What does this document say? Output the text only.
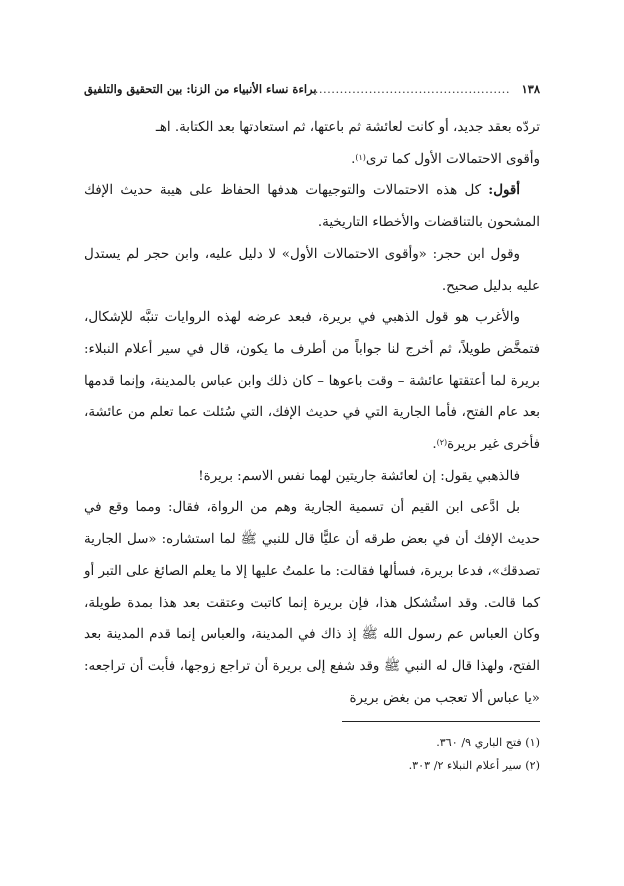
١٣٨
...............................................
براءة نساء الأنبياء من الزنا: بين التحقيق والتلفيق

تردّه بعقد جديد، أو كانت لعائشة ثم باعتها، ثم استعادتها بعد الكتابة. اهـ

وأقوى الاحتمالات الأول كما ترى$^{(١)}$.

أقول: كل هذه الاحتمالات والتوجيهات هدفها الحفاظ على هيبة حديث الإفك المشحون بالتناقضات والأخطاء التاريخية.

وقول ابن حجر: «وأقوى الاحتمالات الأول» لا دليل عليه، وابن حجر لم يستدل عليه بدليل صحيح.

والأغرب هو قول الذهبي في بريرة، فبعد عرضه لهذه الروايات تنبَّه للإشكال، فتمخَّض طويلاً، ثم أخرج لنا جواباً من أطرف ما يكون، قال في سير أعلام النبلاء: بريرة لما أعتقتها عائشة – وقت باعوها – كان ذلك وابن عباس بالمدينة، وإنما قدمها بعد عام الفتح، فأما الجارية التي في حديث الإفك، التي سُئلت عما تعلم من عائشة، فأخرى غير بريرة$^{(٢)}$.

فالذهبي يقول: إن لعائشة جاريتين لهما نفس الاسم: بريرة!

بل ادَّعى ابن القيم أن تسمية الجارية وهم من الرواة، فقال: ومما وقع في حديث الإفك أن في بعض طرقه أن عليًّا قال للنبي ﷺ لما استشاره: «سل الجارية تصدقك»، فدعا بريرة، فسألها فقالت: ما علمتُ عليها إلا ما يعلم الصائغ على التبر أو كما قالت. وقد استُشكل هذا، فإن بريرة إنما كاتبت وعتقت بعد هذا بمدة طويلة، وكان العباس عم رسول الله ﷺ إذ ذاك في المدينة، والعباس إنما قدم المدينة بعد الفتح، ولهذا قال له النبي ﷺ وقد شفع إلى بريرة أن تراجع زوجها، فأبت أن تراجعه: «يا عباس ألا تعجب من بغض بريرة

(١) فتح الباري ٩/ ٣٦٠.
(٢) سير أعلام النبلاء ٢/ ٣٠٣.
